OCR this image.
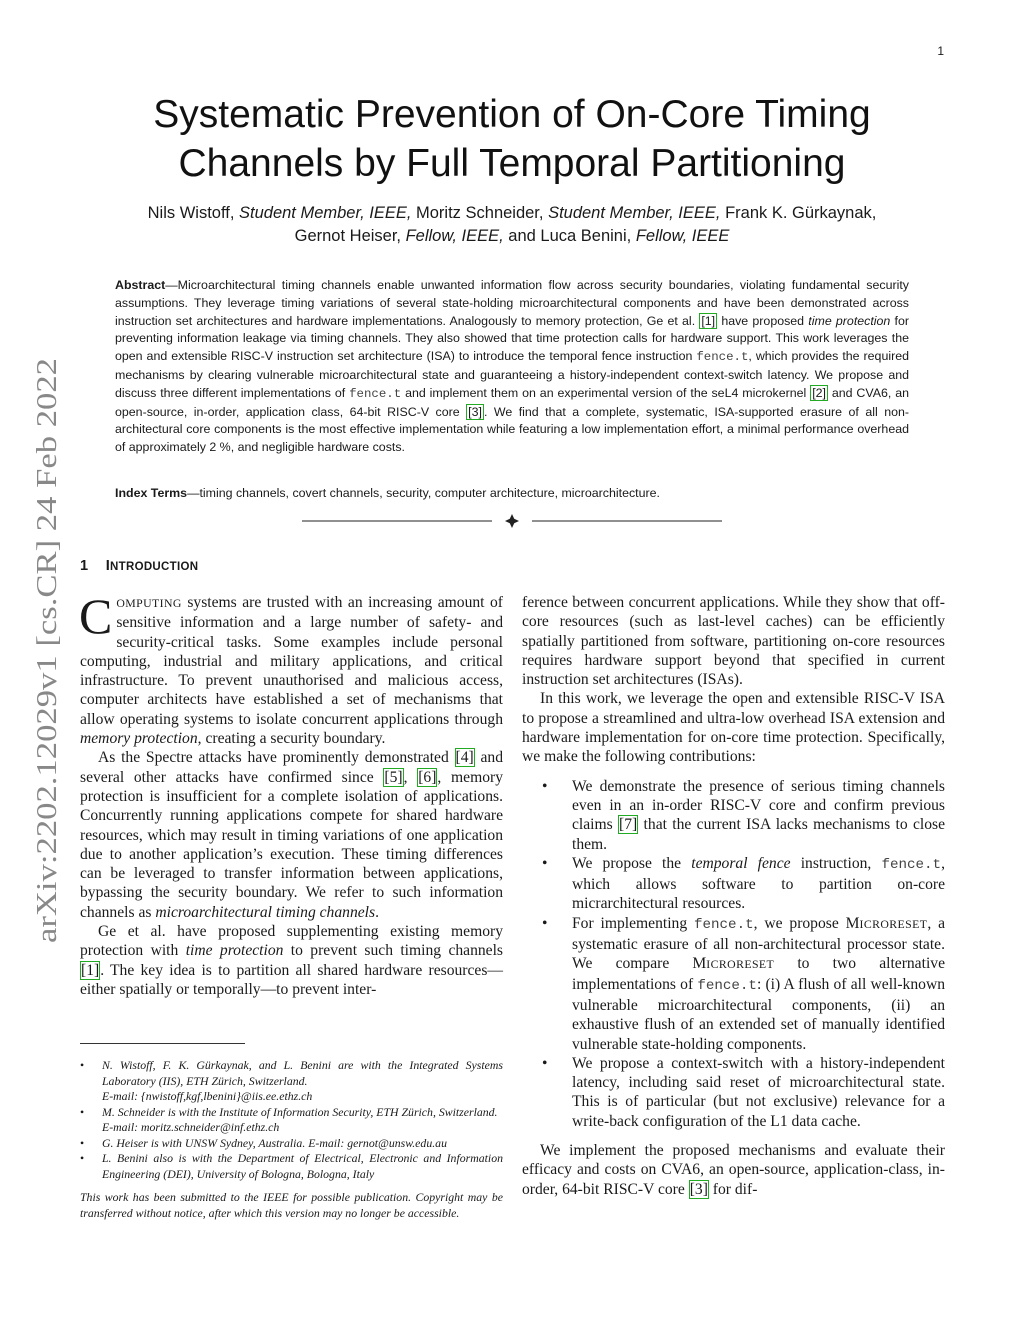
1
arXiv:2202.12029v1 [cs.CR] 24 Feb 2022
Systematic Prevention of On-Core Timing
Channels by Full Temporal Partitioning
Nils Wistoff, Student Member, IEEE, Moritz Schneider, Student Member, IEEE, Frank K. Gürkaynak,
Gernot Heiser, Fellow, IEEE, and Luca Benini, Fellow, IEEE
Abstract—Microarchitectural timing channels enable unwanted information flow across security boundaries, violating fundamental security assumptions. They leverage timing variations of several state-holding microarchitectural components and have been demonstrated across instruction set architectures and hardware implementations. Analogously to memory protection, Ge et al. [1] have proposed time protection for preventing information leakage via timing channels. They also showed that time protection calls for hardware support. This work leverages the open and extensible RISC-V instruction set architecture (ISA) to introduce the temporal fence instruction fence.t, which provides the required mechanisms by clearing vulnerable microarchitectural state and guaranteeing a history-independent context-switch latency. We propose and discuss three different implementations of fence.t and implement them on an experimental version of the seL4 microkernel [2] and CVA6, an open-source, in-order, application class, 64-bit RISC-V core [3] . We find that a complete, systematic, ISA-supported erasure of all non-architectural core components is the most effective implementation while featuring a low implementation effort, a minimal performance overhead of approximately 2 %, and negligible hardware costs.
Index Terms—timing channels, covert channels, security, computer architecture, microarchitecture.
1 INTRODUCTION

COMPUTING systems are trusted with an increasing amount of sensitive information and a large number of safety- and security-critical tasks. Some examples include personal computing, industrial and military applications, and critical infrastructure. To prevent unauthorised and malicious access, computer architects have established a set of mechanisms that allow operating systems to isolate concurrent applications through memory protection, creating a security boundary.

As the Spectre attacks have prominently demonstrated [4] and several other attacks have confirmed since [5], [6], memory protection is insufficient for a complete isolation of applications. Concurrently running applications compete for shared hardware resources, which may result in timing variations of one application due to another application’s execution. These timing differences can be leveraged to transfer information between applications, bypassing the security boundary. We refer to such information channels as microarchitectural timing channels.

Ge et al. have proposed supplementing existing memory protection with time protection to prevent such timing channels [1]. The key idea is to partition all shared hardware resources—either spatially or temporally—to prevent inter-

• N. Wistoff, F. K. Gürkaynak, and L. Benini are with the Integrated Systems Laboratory (IIS), ETH Zürich, Switzerland.
E-mail: {nwistoff,kgf,lbenini}@iis.ee.ethz.ch
• M. Schneider is with the Institute of Information Security, ETH Zürich, Switzerland.
E-mail: moritz.schneider@inf.ethz.ch
• G. Heiser is with UNSW Sydney, Australia. E-mail: gernot@unsw.edu.au
• L. Benini also is with the Department of Electrical, Electronic and Information Engineering (DEI), University of Bologna, Bologna, Italy
This work has been submitted to the IEEE for possible publication. Copyright may be transferred without notice, after which this version may no longer be accessible.

ference between concurrent applications. While they show that off-core resources (such as last-level caches) can be efficiently spatially partitioned from software, partitioning on-core resources requires hardware support beyond that specified in current instruction set architectures (ISAs).

In this work, we leverage the open and extensible RISC-V ISA to propose a streamlined and ultra-low overhead ISA extension and hardware implementation for on-core time protection. Specifically, we make the following contributions:

• We demonstrate the presence of serious timing channels even in an in-order RISC-V core and confirm previous claims [7] that the current ISA lacks mechanisms to close them.
• We propose the temporal fence instruction, fence.t, which allows software to partition on-core micrarchitectural resources.
• For implementing fence.t, we propose MICRORESET, a systematic erasure of all non-architectural processor state. We compare MICRORESET to two alternative implementations of fence.t: (i) A flush of all well-known vulnerable microarchitectural components, (ii) an exhaustive flush of an extended set of manually identified vulnerable state-holding components.
• We propose a context-switch with a history-independent latency, including said reset of microarchitectural state. This is of particular (but not exclusive) relevance for a write-back configuration of the L1 data cache.

We implement the proposed mechanisms and evaluate their efficacy and costs on CVA6, an open-source, application-class, in-order, 64-bit RISC-V core [3] for dif-
